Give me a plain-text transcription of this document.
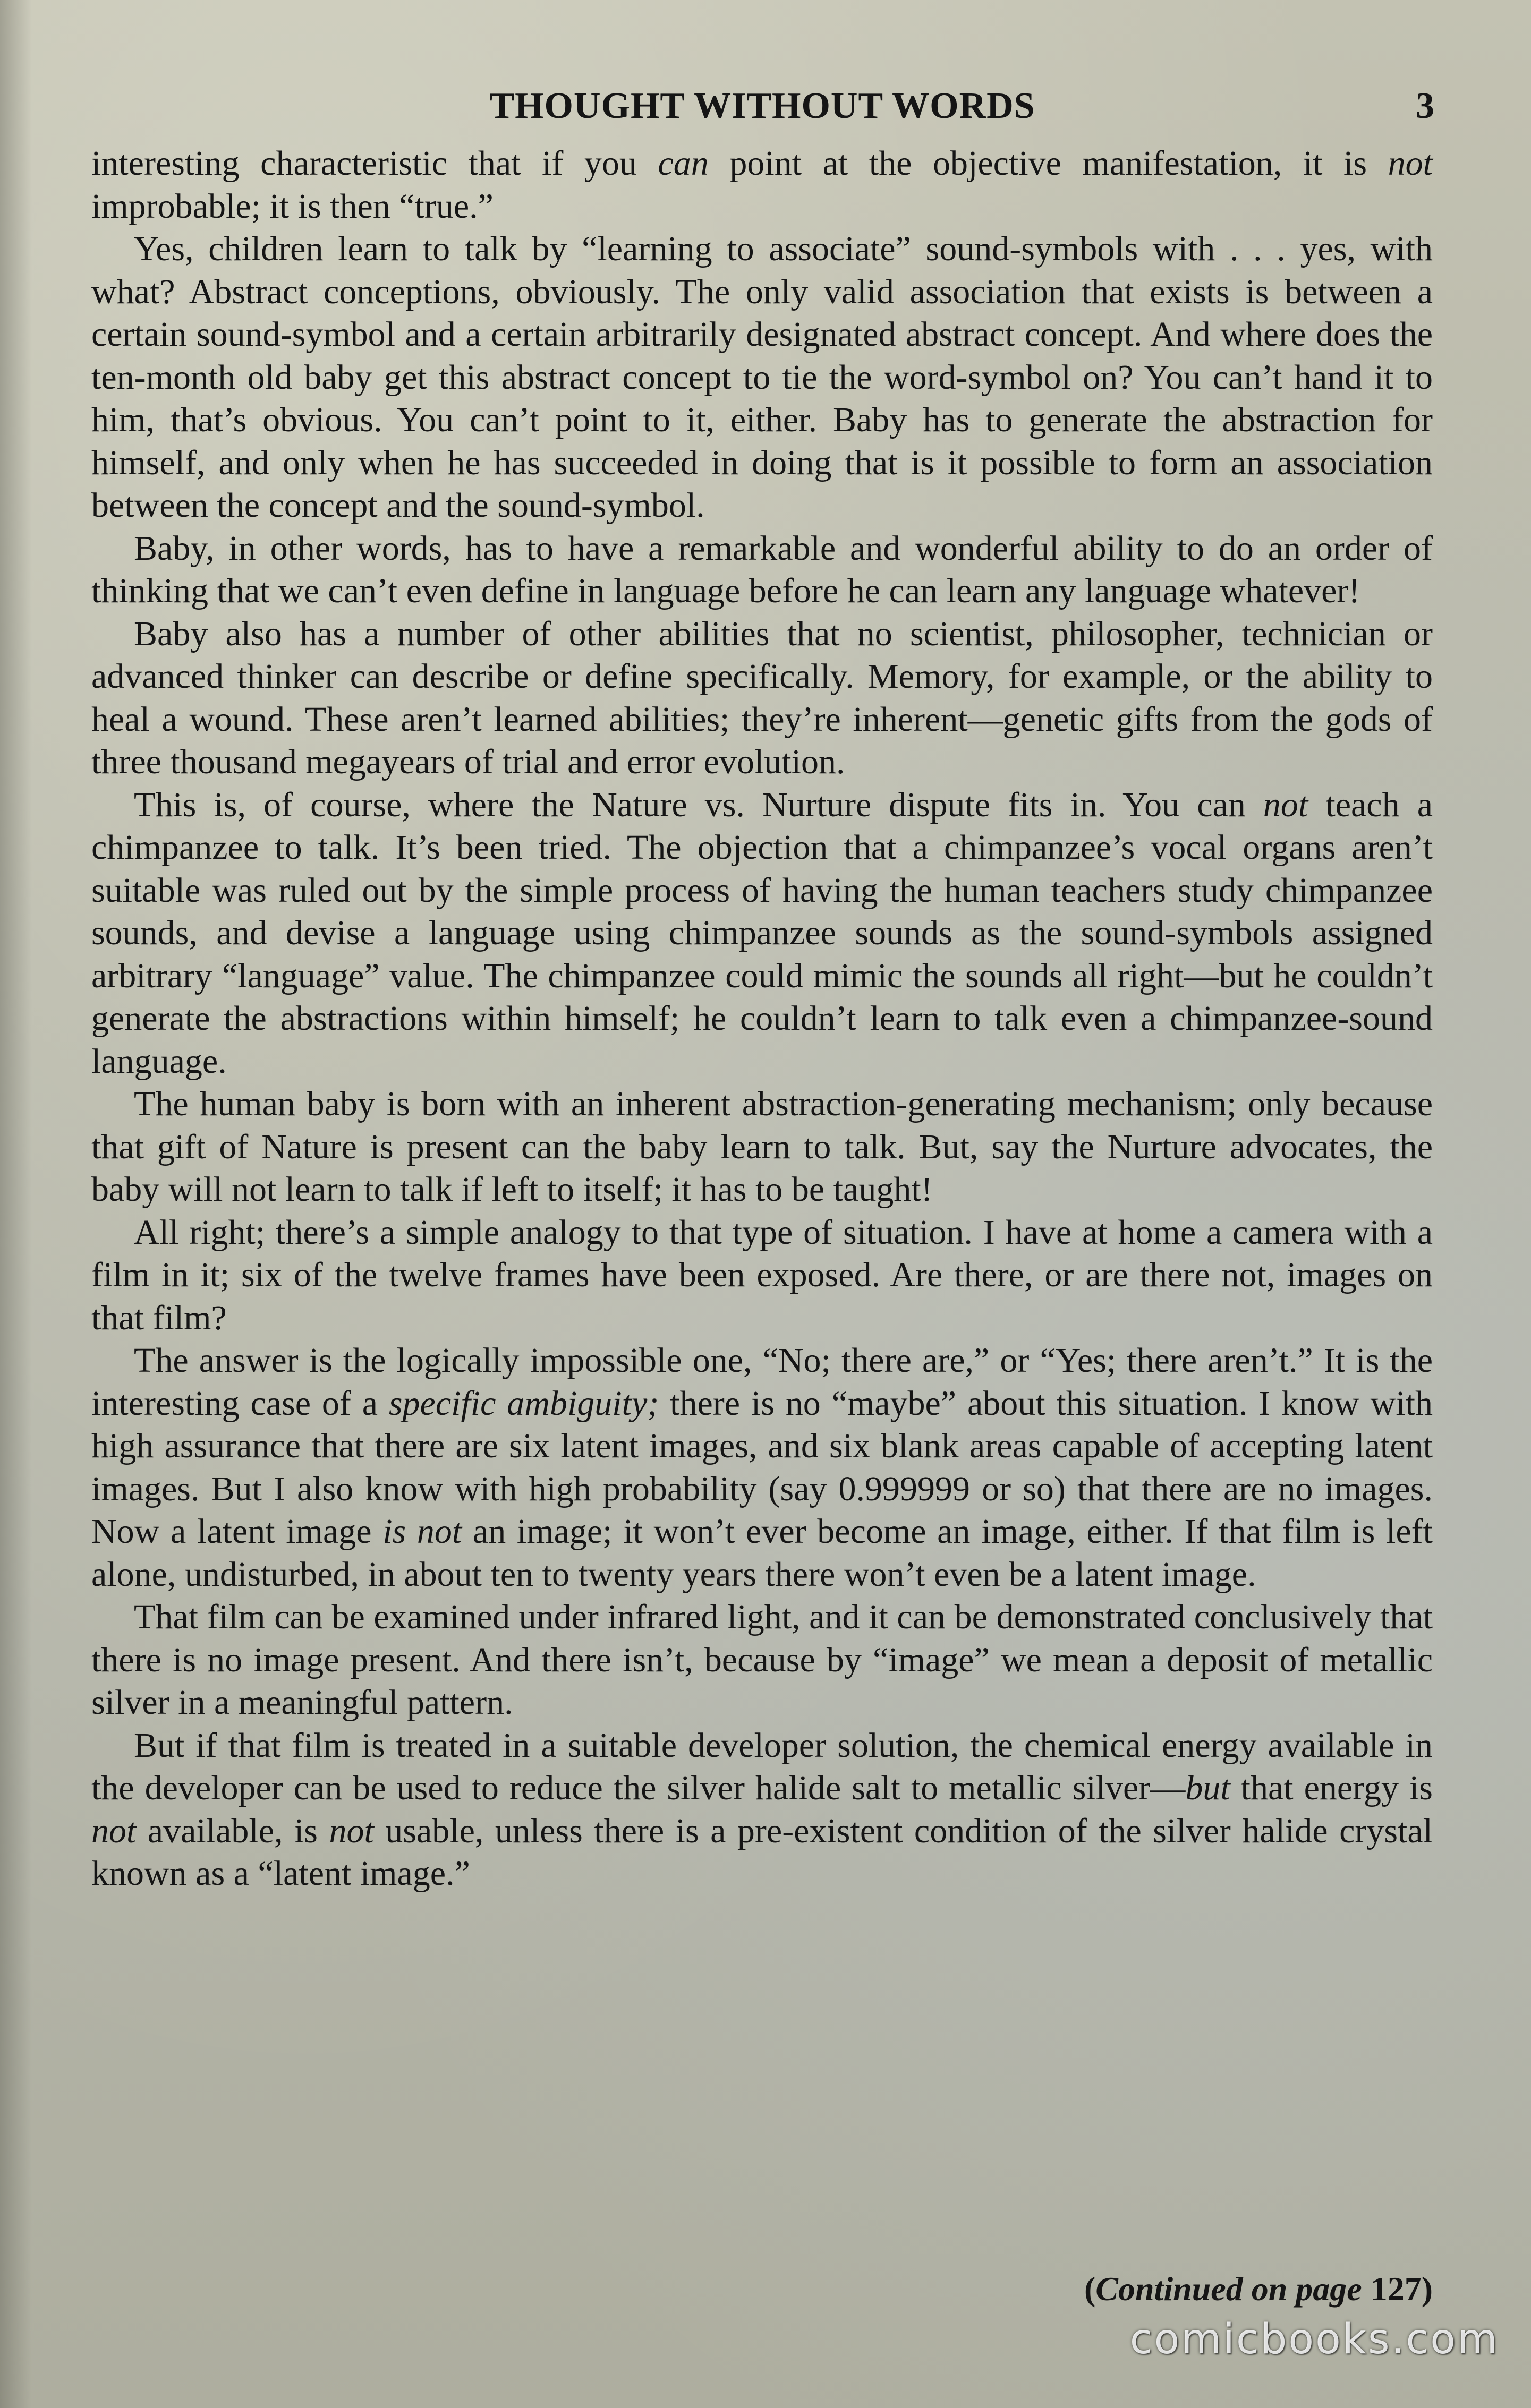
THOUGHT WITHOUT WORDS	3

interesting characteristic that if you can point at the objective manifestation, it is not improbable; it is then “true.”

Yes, children learn to talk by “learning to associate” sound-symbols with . . . yes, with what? Abstract conceptions, obviously. The only valid association that exists is between a certain sound-symbol and a certain arbitrarily designated abstract concept. And where does the ten-month old baby get this abstract concept to tie the word-symbol on? You can’t hand it to him, that’s obvious. You can’t point to it, either. Baby has to generate the abstraction for himself, and only when he has succeeded in doing that is it possible to form an association between the concept and the sound-symbol.

Baby, in other words, has to have a remarkable and wonderful ability to do an order of thinking that we can’t even define in language before he can learn any language whatever!

Baby also has a number of other abilities that no scientist, philosopher, technician or advanced thinker can describe or define specifically. Memory, for example, or the ability to heal a wound. These aren’t learned abilities; they’re inherent—genetic gifts from the gods of three thousand megayears of trial and error evolution.

This is, of course, where the Nature vs. Nurture dispute fits in. You can not teach a chimpanzee to talk. It’s been tried. The objection that a chimpanzee’s vocal organs aren’t suitable was ruled out by the simple process of having the human teachers study chimpanzee sounds, and devise a language using chimpanzee sounds as the sound-symbols assigned arbitrary “language” value. The chimpanzee could mimic the sounds all right—but he couldn’t generate the abstractions within himself; he couldn’t learn to talk even a chimpanzee-sound language.

The human baby is born with an inherent abstraction-generating mechanism; only because that gift of Nature is present can the baby learn to talk. But, say the Nurture advocates, the baby will not learn to talk if left to itself; it has to be taught!

All right; there’s a simple analogy to that type of situation. I have at home a camera with a film in it; six of the twelve frames have been exposed. Are there, or are there not, images on that film?

The answer is the logically impossible one, “No; there are,” or “Yes; there aren’t.” It is the interesting case of a specific ambiguity; there is no “maybe” about this situation. I know with high assurance that there are six latent images, and six blank areas capable of accepting latent images. But I also know with high probability (say 0.999999 or so) that there are no images. Now a latent image is not an image; it won’t ever become an image, either. If that film is left alone, undisturbed, in about ten to twenty years there won’t even be a latent image.

That film can be examined under infrared light, and it can be demonstrated conclusively that there is no image present. And there isn’t, because by “image” we mean a deposit of metallic silver in a meaningful pattern.

But if that film is treated in a suitable developer solution, the chemical energy available in the developer can be used to reduce the silver halide salt to metallic silver—but that energy is not available, is not usable, unless there is a pre-existent condition of the silver halide crystal known as a “latent image.”

(Continued on page 127)
comicbooks.com
